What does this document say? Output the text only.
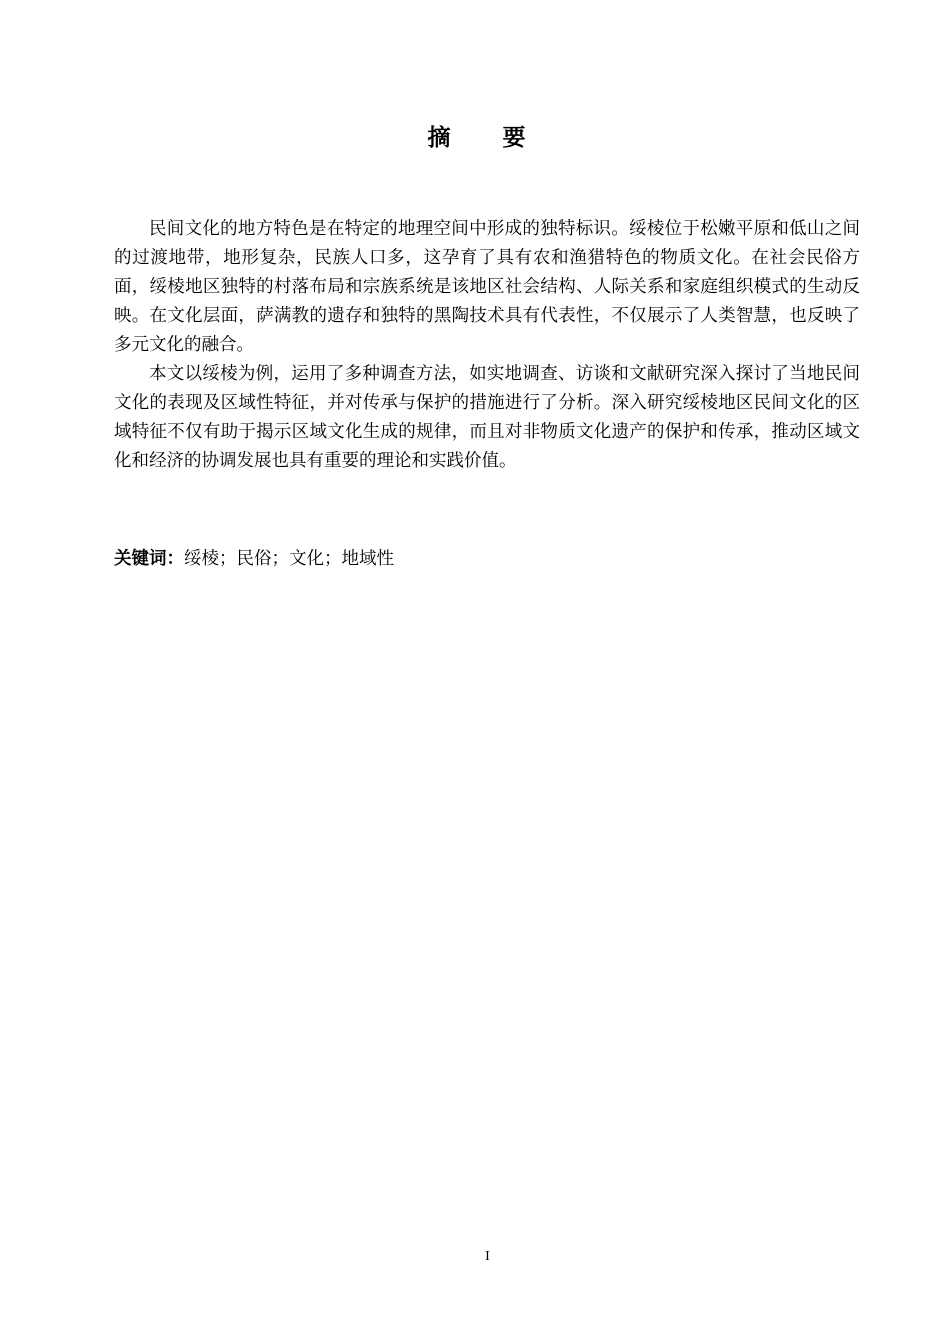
摘 要

民间文化的地方特色是在特定的地理空间中形成的独特标识。绥棱位于松嫩平原和低山之间的过渡地带，地形复杂，民族人口多，这孕育了具有农和渔猎特色的物质文化。在社会民俗方面，绥棱地区独特的村落布局和宗族系统是该地区社会结构、人际关系和家庭组织模式的生动反映。在文化层面，萨满教的遗存和独特的黑陶技术具有代表性，不仅展示了人类智慧，也反映了多元文化的融合。

本文以绥棱为例，运用了多种调查方法，如实地调查、访谈和文献研究深入探讨了当地民间文化的表现及区域性特征，并对传承与保护的措施进行了分析。深入研究绥棱地区民间文化的区域特征不仅有助于揭示区域文化生成的规律，而且对非物质文化遗产的保护和传承，推动区域文化和经济的协调发展也具有重要的理论和实践价值。

关键词：绥棱；民俗；文化；地域性
I
